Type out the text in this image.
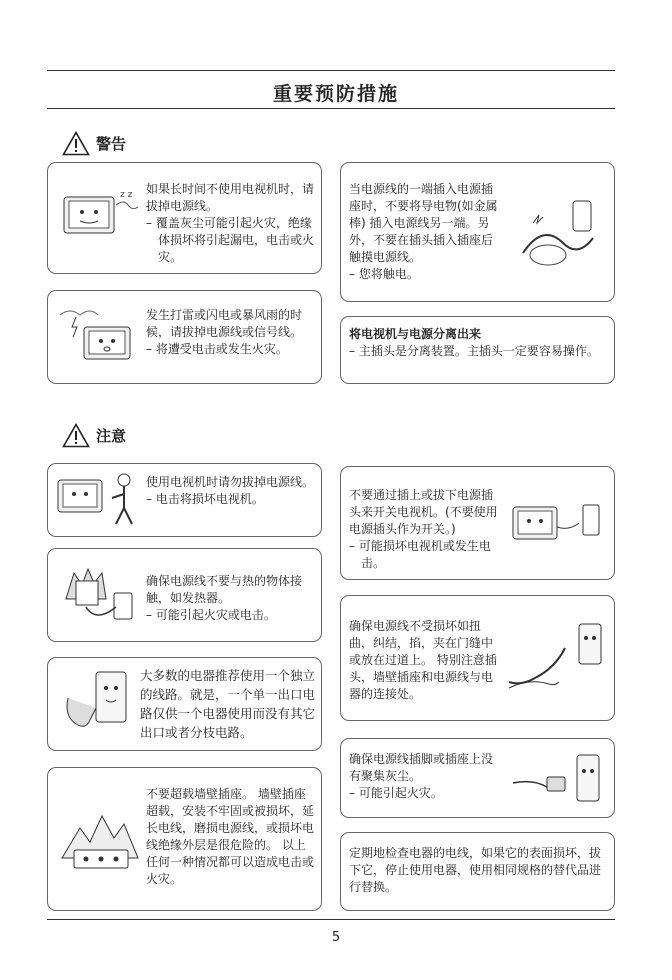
重要预防措施
警告
z z 如果长时间不使用电视机时，请拔掉电源线。
– 覆盖灰尘可能引起火灾，绝缘体损坏将引起漏电，电击或火灾。
当电源线的一端插入电源插座时，不要将导电物(如金属棒) 插入电源线另一端。另外，不要在插头插入插座后触摸电源线。
– 您将触电。
发生打雷或闪电或暴风雨的时候，请拔掉电源线或信号线。
– 将遭受电击或发生火灾。
将电视机与电源分离出来
– 主插头是分离装置。主插头一定要容易操作。
注意
使用电视机时请勿拔掉电源线。
– 电击将损坏电视机。	不要通过插上或拔下电源插头来开关电视机。(不要使用电源插头作为开关。)
– 可能损坏电视机或发生电击。
确保电源线不要与热的物体接触，如发热器。
– 可能引起火灾或电击。
确保电源线不受损坏如扭曲，纠结，掐，夹在门缝中或放在过道上。 特别注意插头，墙壁插座和电源线与电器的连接处。
大多数的电器推荐使用一个独立的线路。就是，一个单一出口电路仅供一个电器使用而没有其它出口或者分枝电路。
确保电源线插脚或插座上没有聚集灰尘。
– 可能引起火灾。
不要超载墙壁插座。 墙壁插座超载，安装不牢固或被损坏，延长电线，磨损电源线，或损坏电线绝缘外层是很危险的。 以上任何一种情况都可以造成电击或火灾。
定期地检查电器的电线，如果它的表面损坏，拔下它，停止使用电器，使用相同规格的替代品进行替换。
5
